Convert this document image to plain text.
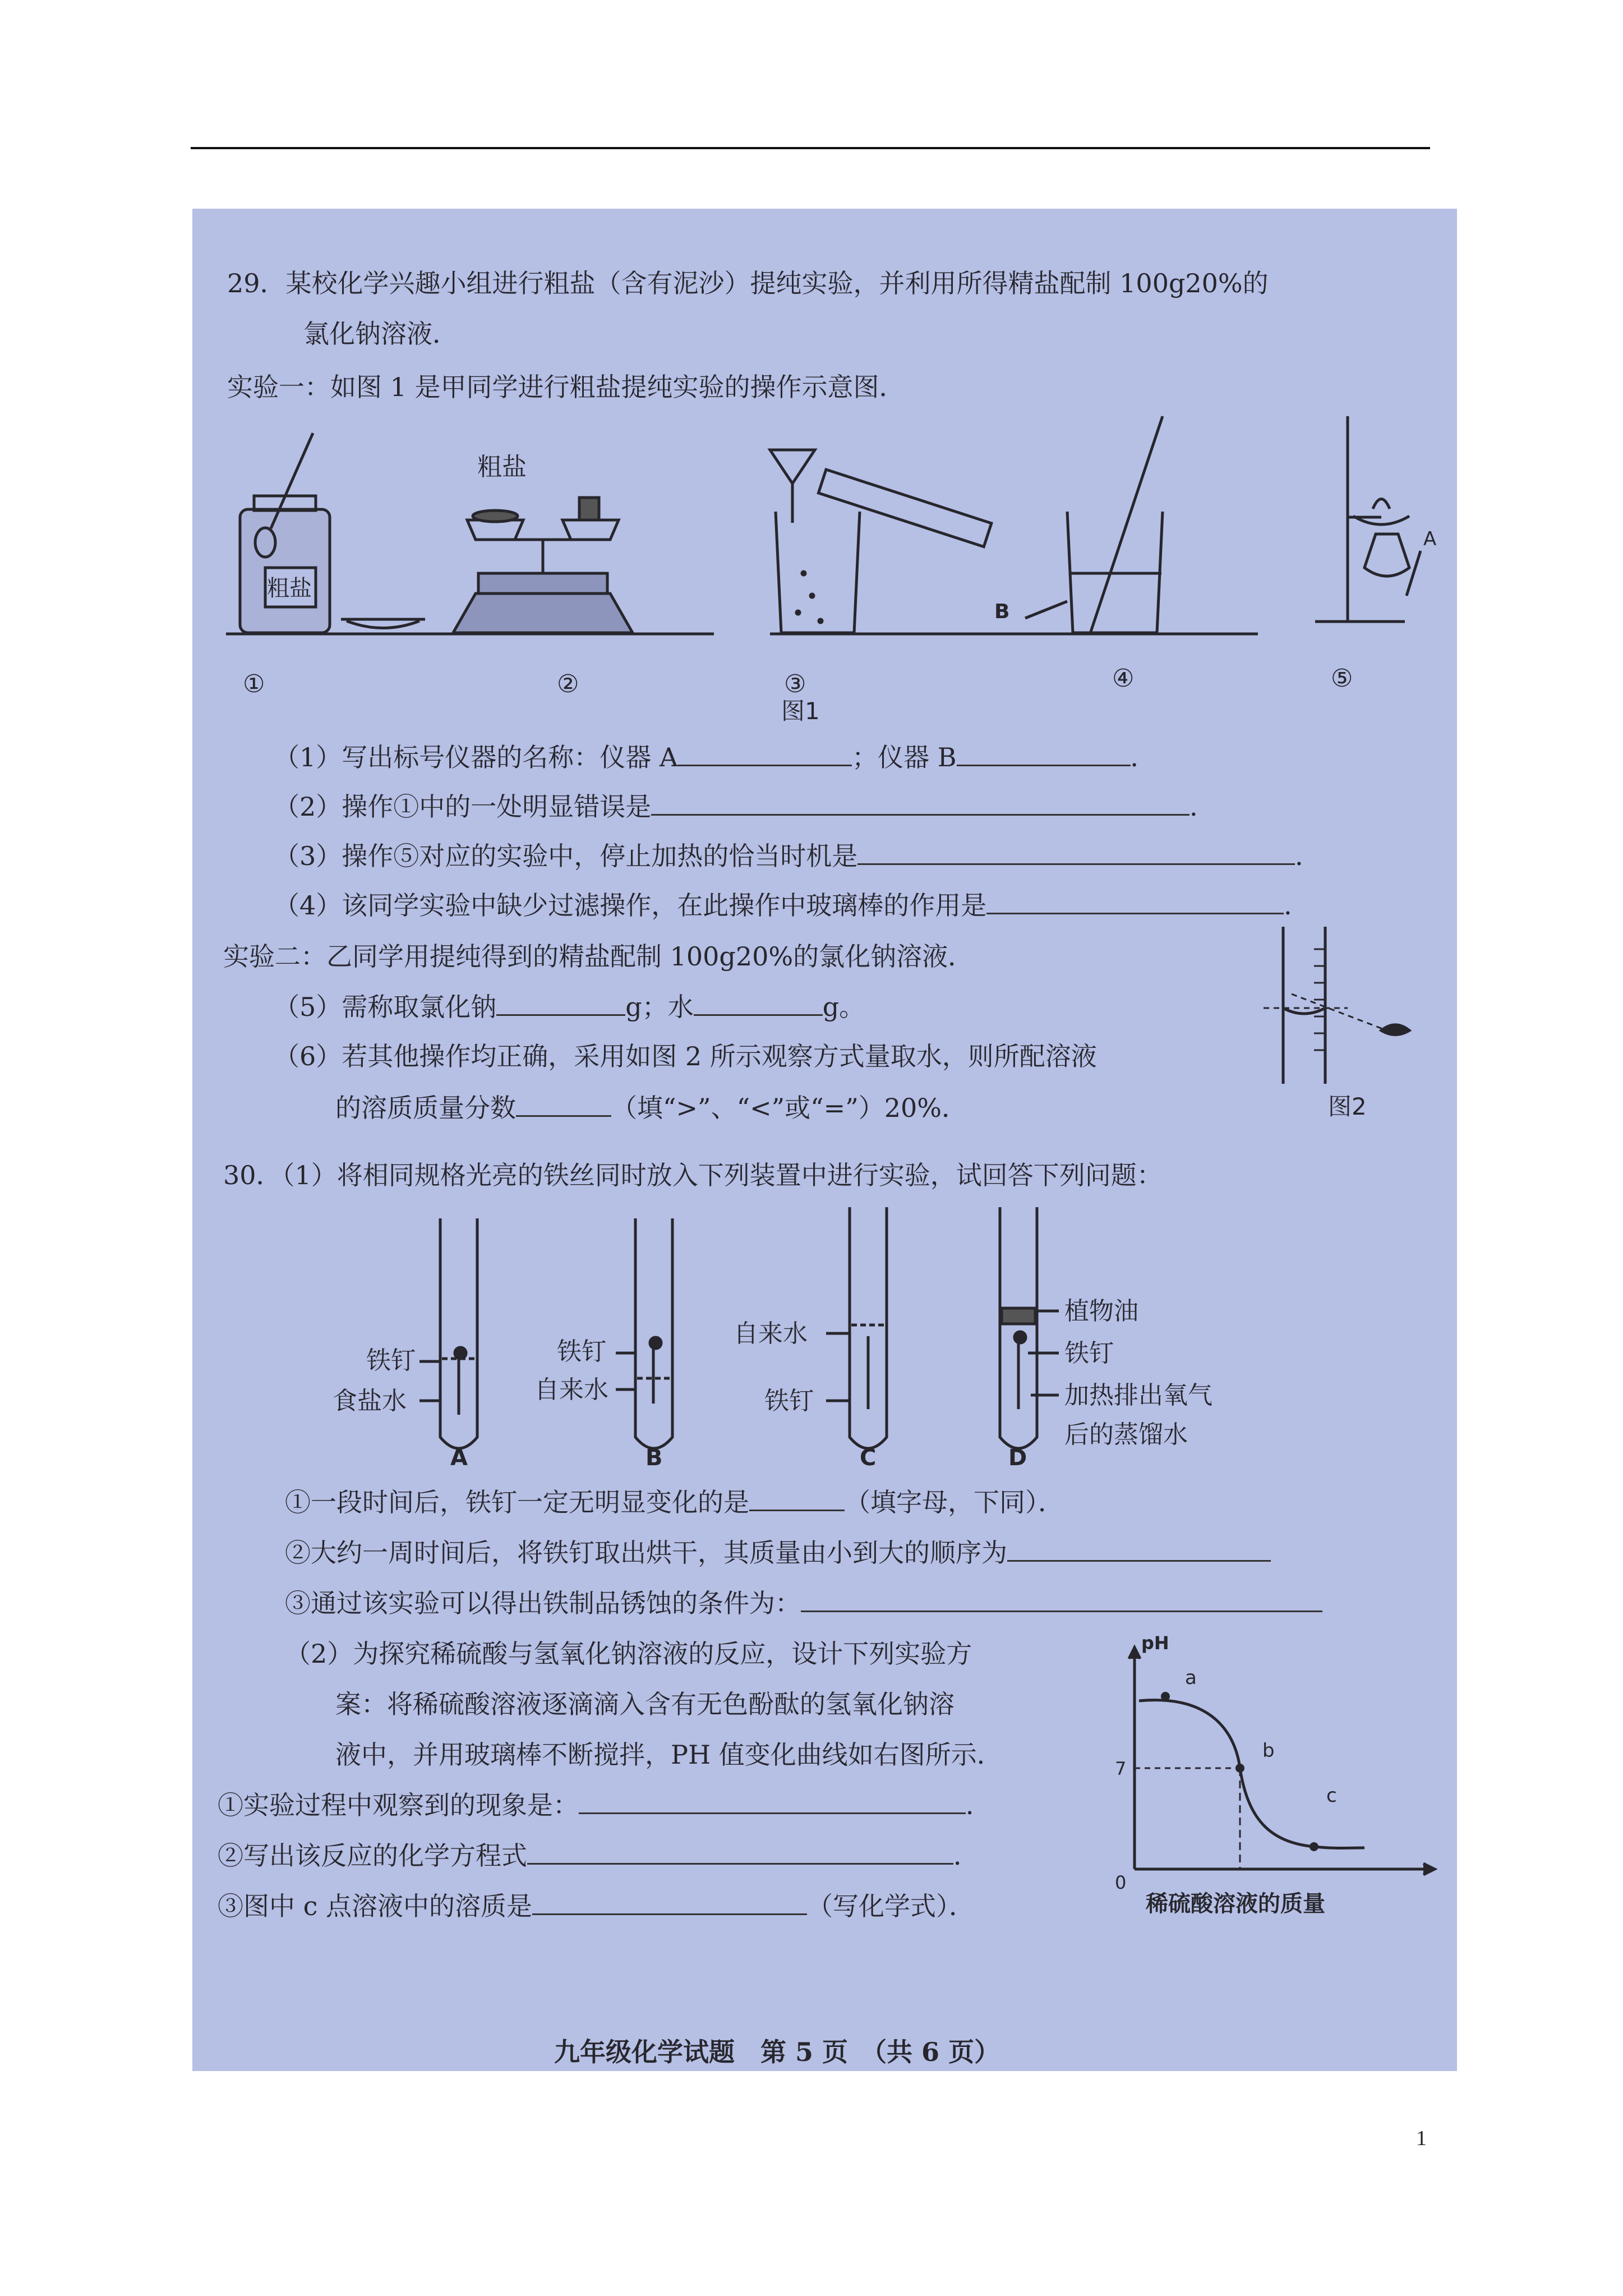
29．某校化学兴趣小组进行粗盐（含有泥沙）提纯实验，并利用所得精盐配制 100g20%的
氯化钠溶液．
实验一：如图 1 是甲同学进行粗盐提纯实验的操作示意图．
①	②	③	④	⑤
图1
粗盐
粗盐
A
B
（1）写出标号仪器的名称：仪器 A	；仪器 B	．
（2）操作①中的一处明显错误是	．
（3）操作⑤对应的实验中，停止加热的恰当时机是	．
（4）该同学实验中缺少过滤操作，在此操作中玻璃棒的作用是	．
实验二：乙同学用提纯得到的精盐配制 100g20%的氯化钠溶液．
（5）需称取氯化钠	g；水	g。
（6）若其他操作均正确，采用如图 2 所示观察方式量取水，则所配溶液
的溶质质量分数	（填“>”、“<”或“=”）20%．	图2
30．（1）将相同规格光亮的铁丝同时放入下列装置中进行实验，试回答下列问题：
铁钉
食盐水
A
铁钉
自来水
B
自来水
铁钉
C
植物油
铁钉
加热排出氧气
后的蒸馏水
D
①一段时间后，铁钉一定无明显变化的是	（填字母，下同）．
②大约一周时间后，将铁钉取出烘干，其质量由小到大的顺序为
③通过该实验可以得出铁制品锈蚀的条件为：
（2）为探究稀硫酸与氢氧化钠溶液的反应，设计下列实验方
案：将稀硫酸溶液逐滴滴入含有无色酚酞的氢氧化钠溶
液中，并用玻璃棒不断搅拌，PH 值变化曲线如右图所示．
①实验过程中观察到的现象是：	．
②写出该反应的化学方程式	．
③图中 c 点溶液中的溶质是	（写化学式）．
pH
7
0
a
b
c
稀硫酸溶液的质量
九年级化学试题　第 5 页　（共 6 页）
1
